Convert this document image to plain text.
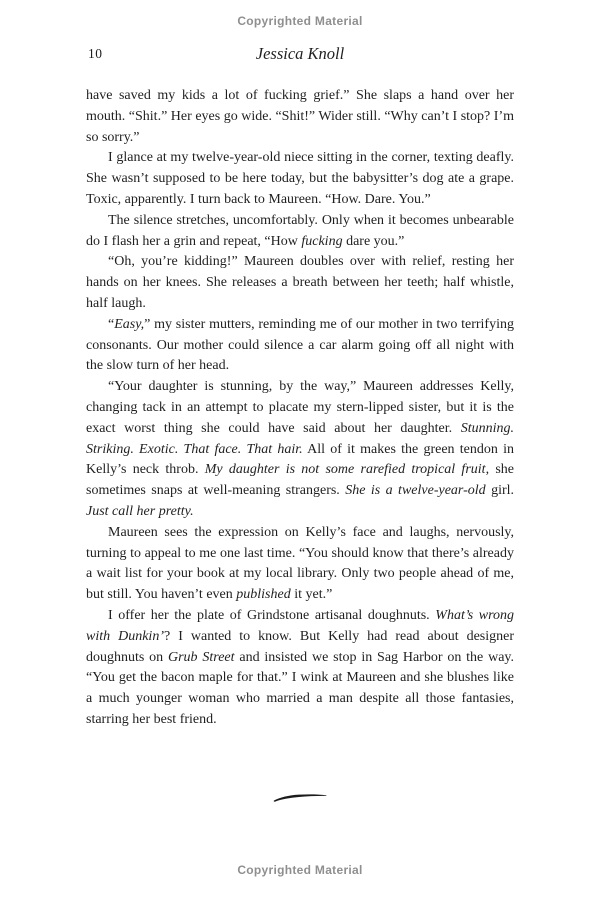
Copyrighted Material
10	Jessica Knoll

have saved my kids a lot of fucking grief.” She slaps a hand over her mouth. “Shit.” Her eyes go wide. “Shit!” Wider still. “Why can’t I stop? I’m so sorry.”

I glance at my twelve-year-old niece sitting in the corner, texting deafly. She wasn’t supposed to be here today, but the babysitter’s dog ate a grape. Toxic, apparently. I turn back to Maureen. “How. Dare. You.”

The silence stretches, uncomfortably. Only when it becomes unbearable do I flash her a grin and repeat, “How fucking dare you.”

“Oh, you’re kidding!” Maureen doubles over with relief, resting her hands on her knees. She releases a breath between her teeth; half whistle, half laugh.

“Easy,” my sister mutters, reminding me of our mother in two terrifying consonants. Our mother could silence a car alarm going off all night with the slow turn of her head.

“Your daughter is stunning, by the way,” Maureen addresses Kelly, changing tack in an attempt to placate my stern-lipped sister, but it is the exact worst thing she could have said about her daughter. Stunning. Striking. Exotic. That face. That hair. All of it makes the green tendon in Kelly’s neck throb. My daughter is not some rarefied tropical fruit, she sometimes snaps at well-meaning strangers. She is a twelve-year-old girl. Just call her pretty.

Maureen sees the expression on Kelly’s face and laughs, nervously, turning to appeal to me one last time. “You should know that there’s already a wait list for your book at my local library. Only two people ahead of me, but still. You haven’t even published it yet.”

I offer her the plate of Grindstone artisanal doughnuts. What’s wrong with Dunkin’? I wanted to know. But Kelly had read about designer doughnuts on Grub Street and insisted we stop in Sag Harbor on the way. “You get the bacon maple for that.” I wink at Maureen and she blushes like a much younger woman who married a man despite all those fantasies, starring her best friend.

Copyrighted Material
